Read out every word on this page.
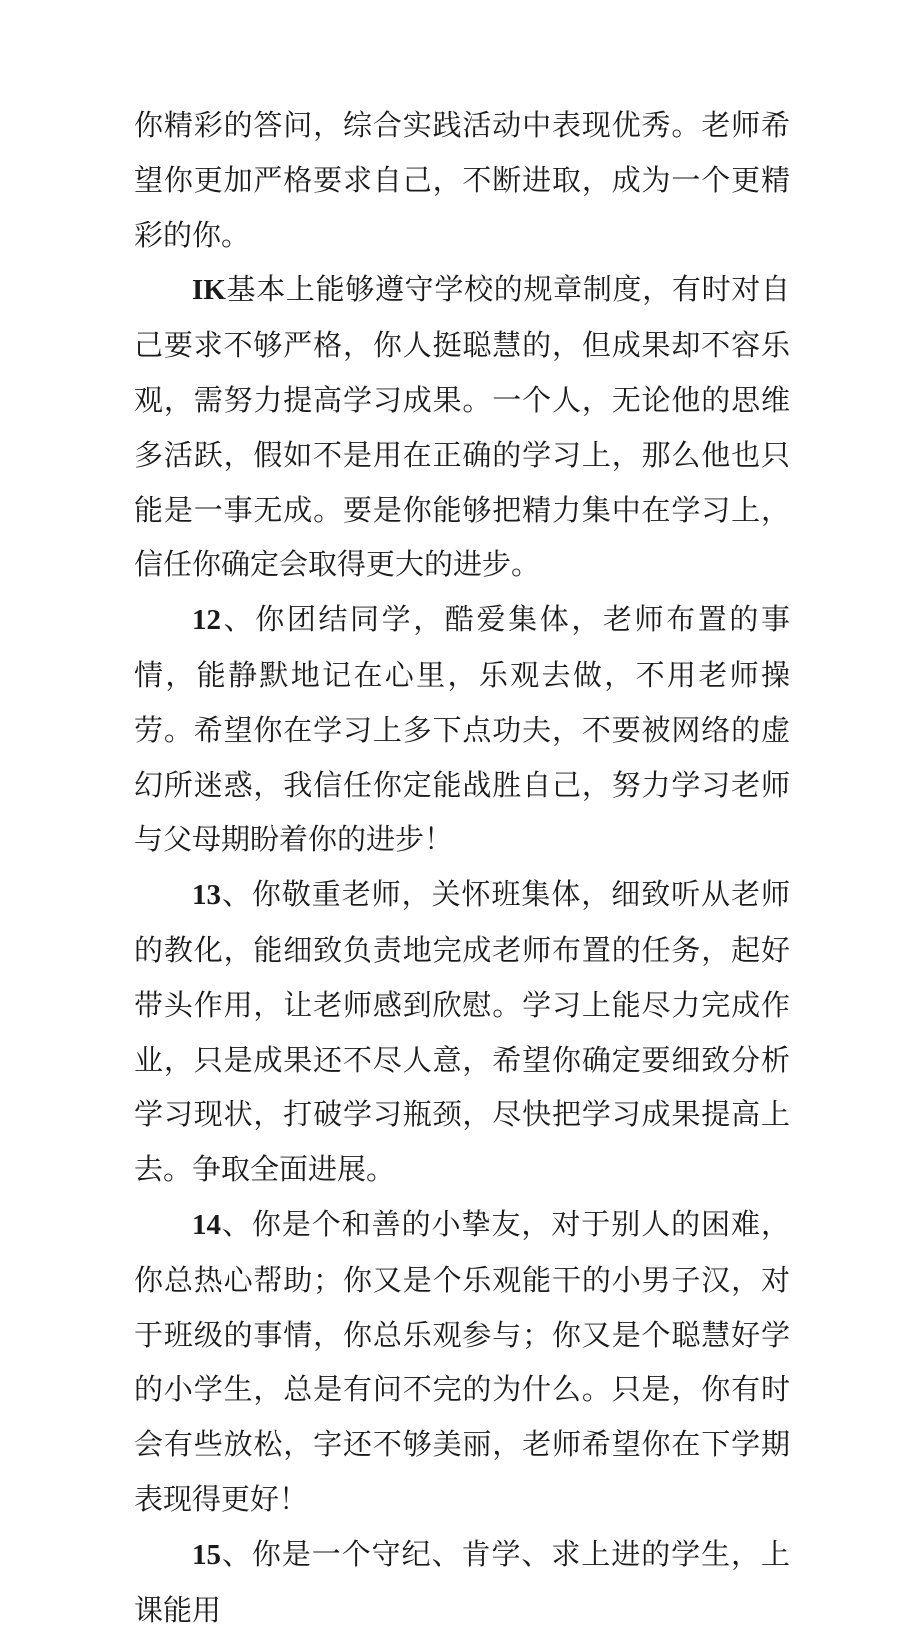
你精彩的答问，综合实践活动中表现优秀。老师希望你更加严格要求自己，不断进取，成为一个更精彩的你。

IK基本上能够遵守学校的规章制度，有时对自己要求不够严格，你人挺聪慧的，但成果却不容乐观，需努力提高学习成果。一个人，无论他的思维多活跃，假如不是用在正确的学习上，那么他也只能是一事无成。要是你能够把精力集中在学习上，信任你确定会取得更大的进步。

12、你团结同学，酷爱集体，老师布置的事情，能静默地记在心里，乐观去做，不用老师操劳。希望你在学习上多下点功夫，不要被网络的虚幻所迷惑，我信任你定能战胜自己，努力学习老师与父母期盼着你的进步！

13、你敬重老师，关怀班集体，细致听从老师的教化，能细致负责地完成老师布置的任务，起好带头作用，让老师感到欣慰。学习上能尽力完成作业，只是成果还不尽人意，希望你确定要细致分析学习现状，打破学习瓶颈，尽快把学习成果提高上去。争取全面进展。

14、你是个和善的小挚友，对于别人的困难，你总热心帮助；你又是个乐观能干的小男子汉，对于班级的事情，你总乐观参与；你又是个聪慧好学的小学生，总是有问不完的为什么。只是，你有时会有些放松，字还不够美丽，老师希望你在下学期表现得更好！

15、你是一个守纪、肯学、求上进的学生，上课能用
